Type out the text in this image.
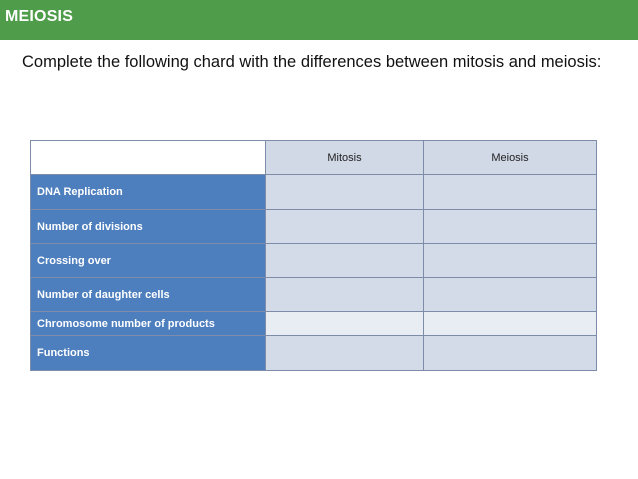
MEIOSIS
Complete the following chard with the differences between mitosis and meiosis:
	Mitosis	Meiosis
DNA Replication		
Number of divisions		
Crossing over		
Number of daughter cells		
Chromosome number of products		
Functions		
